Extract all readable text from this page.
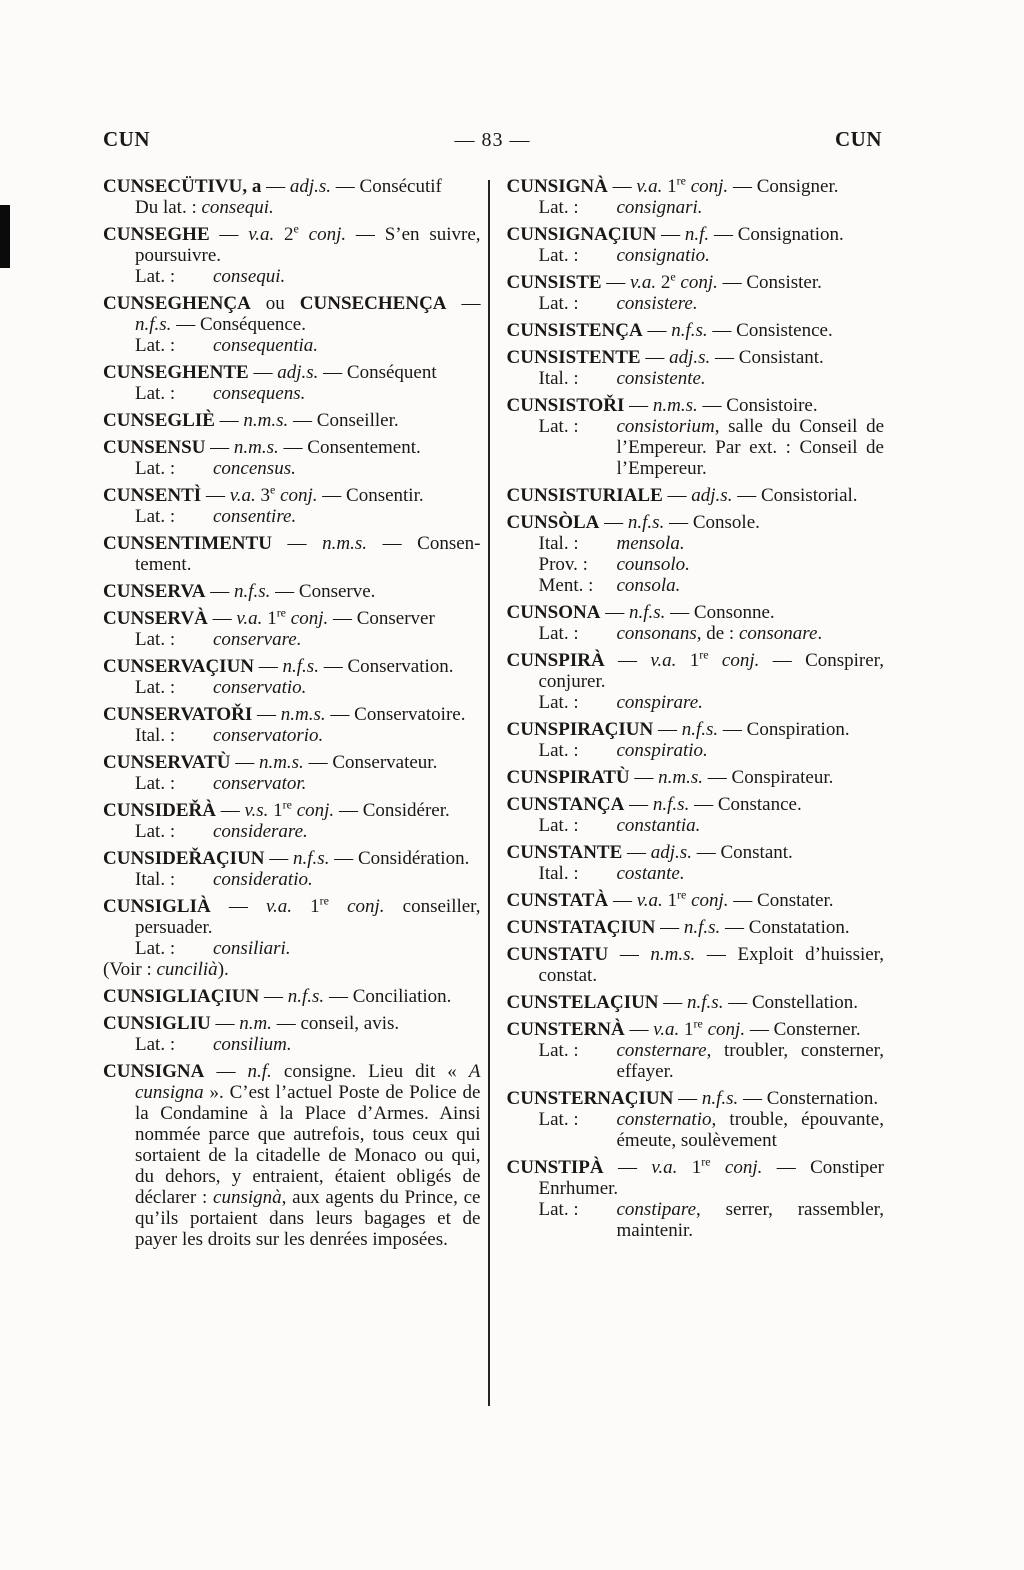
CUN	— 83 —	CUN

CUNSECÜTIVU, a — adj.s. — Consécutif

Du lat. : consequi.

CUNSEGHE — v.a. 2e conj. — S’en suivre, poursuivre.

Lat. : consequi.

CUNSEGHENÇA ou CUNSECHENÇA — n.f.s. — Conséquence.

Lat. : consequentia.

CUNSEGHENTE — adj.s. — Conséquent

Lat. : consequens.

CUNSEGLIÈ — n.m.s. — Conseiller.

CUNSENSU — n.m.s. — Consentement.

Lat. : concensus.

CUNSENTÌ — v.a. 3e conj. — Consentir.

Lat. : consentire.

CUNSENTIMENTU — n.m.s. — Consentement.

CUNSERVA — n.f.s. — Conserve.

CUNSERVÀ — v.a. 1re conj. — Conserver

Lat. : conservare.

CUNSERVAÇIUN — n.f.s. — Conservation.

Lat. : conservatio.

CUNSERVATOŘI — n.m.s. — Conservatoire.

Ital. : conservatorio.

CUNSERVATÙ — n.m.s. — Conservateur.

Lat. : conservator.

CUNSIDEŘÀ — v.s. 1re conj. — Considérer.

Lat. : considerare.

CUNSIDEŘAÇIUN — n.f.s. — Considération.

Ital. : consideratio.

CUNSIGLIÀ — v.a. 1re conj. conseiller, persuader.

Lat. : consiliari.

(Voir : cuncilià).

CUNSIGLIAÇIUN — n.f.s. — Conciliation.

CUNSIGLIU — n.m. — conseil, avis.

Lat. : consilium.

CUNSIGNA — n.f. consigne. Lieu dit « A cunsigna ». C’est l’actuel Poste de Police de la Condamine à la Place d’Armes. Ainsi nommée parce que autrefois, tous ceux qui sortaient de la citadelle de Monaco ou qui, du dehors, y entraient, étaient obligés de déclarer : cunsignà, aux agents du Prince, ce qu’ils portaient dans leurs bagages et de payer les droits sur les denrées imposées.

CUNSIGNÀ — v.a. 1re conj. — Consigner.

Lat. : consignari.

CUNSIGNAÇIUN — n.f. — Consignation.

Lat. : consignatio.

CUNSISTE — v.a. 2e conj. — Consister.

Lat. : consistere.

CUNSISTENÇA — n.f.s. — Consistence.

CUNSISTENTE — adj.s. — Consistant.

Ital. : consistente.

CUNSISTOŘI — n.m.s. — Consistoire.

Lat. : consistorium, salle du Conseil de l’Empereur. Par ext. : Conseil de l’Empereur.

CUNSISTURIALE — adj.s. — Consistorial.

CUNSÒLA — n.f.s. — Console.

Ital. : mensola.

Prov. : counsolo.

Ment. : consola.

CUNSONA — n.f.s. — Consonne.

Lat. : consonans, de : consonare.

CUNSPIRÀ — v.a. 1re conj. — Conspirer, conjurer.

Lat. : conspirare.

CUNSPIRAÇIUN — n.f.s. — Conspiration.

Lat. : conspiratio.

CUNSPIRATÙ — n.m.s. — Conspirateur.

CUNSTANÇA — n.f.s. — Constance.

Lat. : constantia.

CUNSTANTE — adj.s. — Constant.

Ital. : costante.

CUNSTATÀ — v.a. 1re conj. — Constater.

CUNSTATAÇIUN — n.f.s. — Constatation.

CUNSTATU — n.m.s. — Exploit d’huissier, constat.

CUNSTELAÇIUN — n.f.s. — Constellation.

CUNSTERNÀ — v.a. 1re conj. — Consterner.

Lat. : consternare, troubler, consterner, effayer.

CUNSTERNAÇIUN — n.f.s. — Consternation.

Lat. : consternatio, trouble, épouvante, émeute, soulèvement

CUNSTIPÀ — v.a. 1re conj. — Constiper Enrhumer.

Lat. : constipare, serrer, rassembler, maintenir.
